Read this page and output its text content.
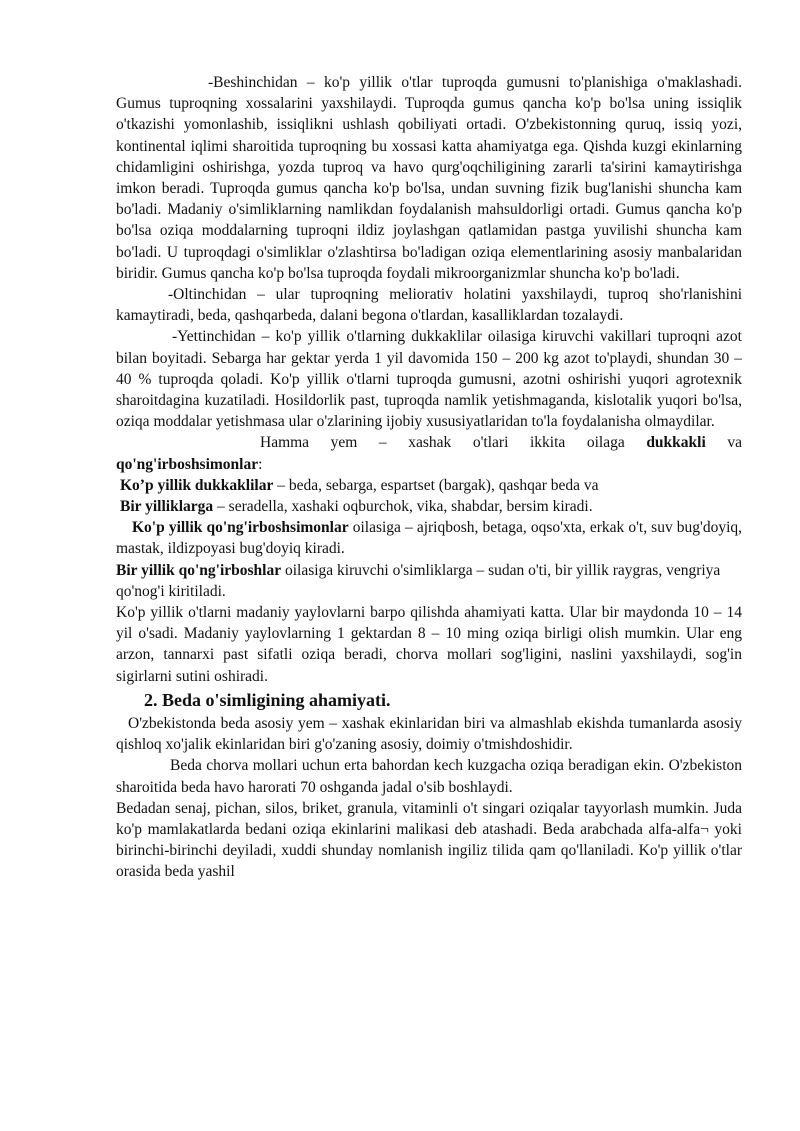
-Beshinchidan – ko'p yillik o'tlar tuproqda gumusni to'planishiga o'maklashadi. Gumus tuproqning xossalarini yaxshilaydi. Tuproqda gumus qancha ko'p bo'lsa uning issiqlik o'tkazishi yomonlashib, issiqlikni ushlash qobiliyati ortadi. O'zbekistonning quruq, issiq yozi, kontinental iqlimi sharoitida tuproqning bu xossasi katta ahamiyatga ega. Qishda kuzgi ekinlarning chidamligini oshirishga, yozda tuproq va havo qurg'oqchiligining zararli ta'sirini kamaytirishga imkon beradi. Tuproqda gumus qancha ko'p bo'lsa, undan suvning fizik bug'lanishi shuncha kam bo'ladi. Madaniy o'simliklarning namlikdan foydalanish mahsuldorligi ortadi. Gumus qancha ko'p bo'lsa oziqa moddalarning tuproqni ildiz joylashgan qatlamidan pastga yuvilishi shuncha kam bo'ladi. U tuproqdagi o'simliklar o'zlashtirsa bo'ladigan oziqa elementlarining asosiy manbalaridan biridir. Gumus qancha ko'p bo'lsa tuproqda foydali mikroorganizmlar shuncha ko'p bo'ladi.

-Oltinchidan – ular tuproqning meliorativ holatini yaxshilaydi, tuproq sho'rlanishini kamaytiradi, beda, qashqarbeda, dalani begona o'tlardan, kasalliklardan tozalaydi.

-Yettinchidan – ko'p yillik o'tlarning dukkaklilar oilasiga kiruvchi vakillari tuproqni azot bilan boyitadi. Sebarga har gektar yerda 1 yil davomida 150 – 200 kg azot to'playdi, shundan 30 – 40 % tuproqda qoladi. Ko'p yillik o'tlarni tuproqda gumusni, azotni oshirishi yuqori agrotexnik sharoitdagina kuzatiladi. Hosildorlik past, tuproqda namlik yetishmaganda, kislotalik yuqori bo'lsa, oziqa moddalar yetishmasa ular o'zlarining ijobiy xususiyatlaridan to'la foydalanisha olmaydilar.

Hamma yem – xashak o'tlari ikkita oilaga dukkakli va qo'ng'irboshsimonlar:

Ko’p yillik dukkaklilar – beda, sebarga, espartset (bargak), qashqar beda va

Bir yilliklarga – seradella, xashaki oqburchok, vika, shabdar, bersim kiradi.

Ko'p yillik qo'ng'irboshsimonlar oilasiga – ajriqbosh, betaga, oqso'xta, erkak o't, suv bug'doyiq, mastak, ildizpoyasi bug'doyiq kiradi.

Bir yillik qo'ng'irboshlar oilasiga kiruvchi o'simliklarga – sudan o'ti, bir yillik raygras, vengriya qo'nog'i kiritiladi.

Ko'p yillik o'tlarni madaniy yaylovlarni barpo qilishda ahamiyati katta. Ular bir maydonda 10 – 14 yil o'sadi. Madaniy yaylovlarning 1 gektardan 8 – 10 ming oziqa birligi olish mumkin. Ular eng arzon, tannarxi past sifatli oziqa beradi, chorva mollari sog'ligini, naslini yaxshilaydi, sog'in sigirlarni sutini oshiradi.

2. Beda o'simligining ahamiyati.

O'zbekistonda beda asosiy yem – xashak ekinlaridan biri va almashlab ekishda tumanlarda asosiy qishloq xo'jalik ekinlaridan biri g'o'zaning asosiy, doimiy o'tmishdoshidir.

Beda chorva mollari uchun erta bahordan kech kuzgacha oziqa beradigan ekin. O'zbekiston sharoitida beda havo harorati 70 oshganda jadal o'sib boshlaydi.

Bedadan senaj, pichan, silos, briket, granula, vitaminli o't singari oziqalar tayyorlash mumkin. Juda ko'p mamlakatlarda bedani oziqa ekinlarini malikasi deb atashadi. Beda arabchada alfa-alfa¬ yoki birinchi-birinchi deyiladi, xuddi shunday nomlanish ingiliz tilida qam qo'llaniladi. Ko'p yillik o'tlar orasida beda yashil
